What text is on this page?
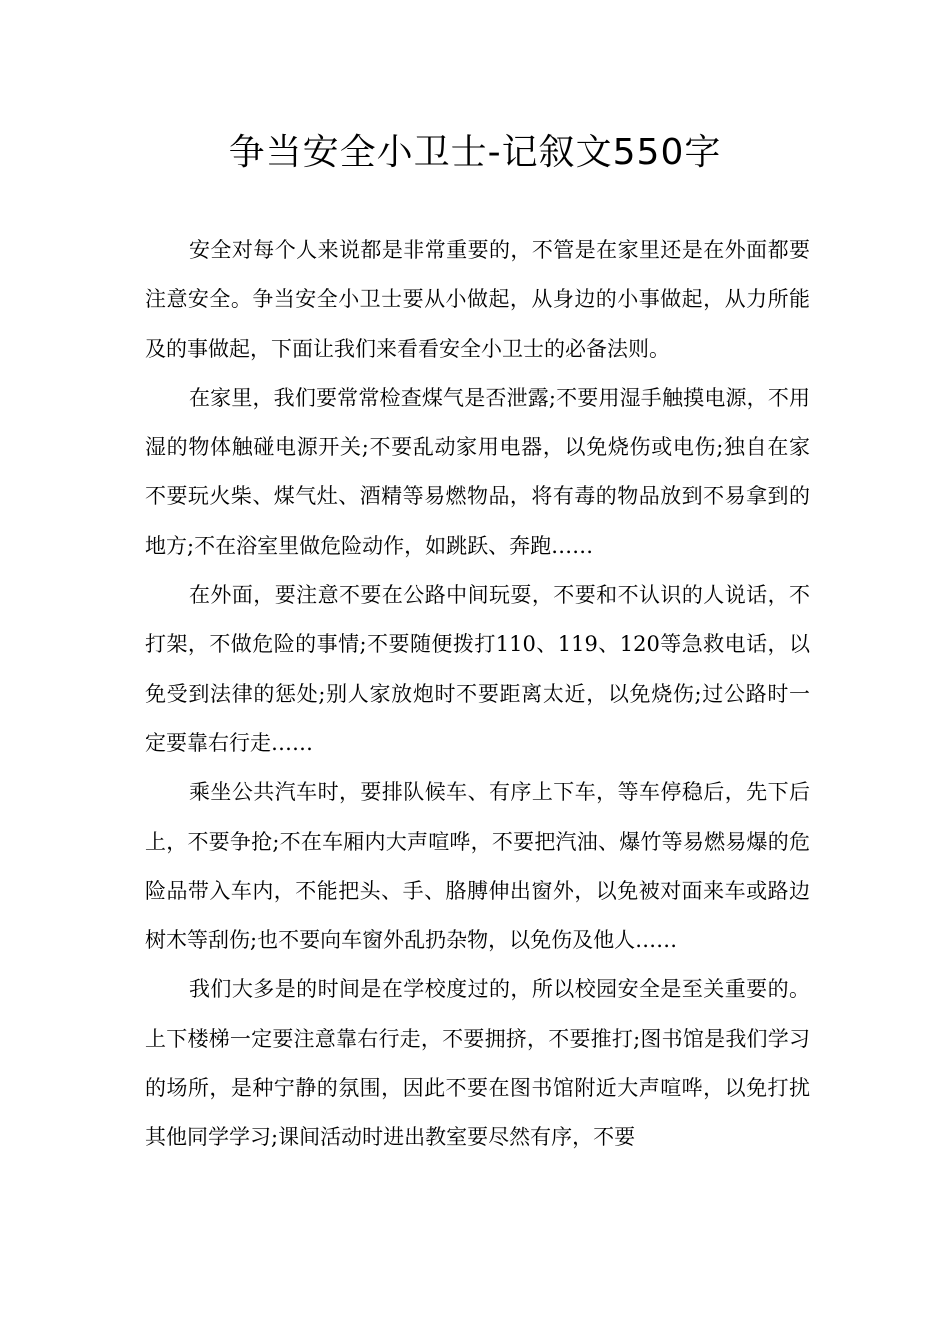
争当安全小卫士-记叙文550字

安全对每个人来说都是非常重要的，不管是在家里还是在外面都要注意安全。争当安全小卫士要从小做起，从身边的小事做起，从力所能及的事做起，下面让我们来看看安全小卫士的必备法则。

在家里，我们要常常检查煤气是否泄露;不要用湿手触摸电源，不用湿的物体触碰电源开关;不要乱动家用电器，以免烧伤或电伤;独自在家不要玩火柴、煤气灶、酒精等易燃物品，将有毒的物品放到不易拿到的地方;不在浴室里做危险动作，如跳跃、奔跑……

在外面，要注意不要在公路中间玩耍，不要和不认识的人说话，不打架，不做危险的事情;不要随便拨打110、119、120等急救电话，以免受到法律的惩处;别人家放炮时不要距离太近，以免烧伤;过公路时一定要靠右行走……

乘坐公共汽车时，要排队候车、有序上下车，等车停稳后，先下后上，不要争抢;不在车厢内大声喧哗，不要把汽油、爆竹等易燃易爆的危险品带入车内，不能把头、手、胳膊伸出窗外，以免被对面来车或路边树木等刮伤;也不要向车窗外乱扔杂物，以免伤及他人……

我们大多是的时间是在学校度过的，所以校园安全是至关重要的。上下楼梯一定要注意靠右行走，不要拥挤，不要推打;图书馆是我们学习的场所，是种宁静的氛围，因此不要在图书馆附近大声喧哗，以免打扰其他同学学习;课间活动时进出教室要尽然有序，不要
